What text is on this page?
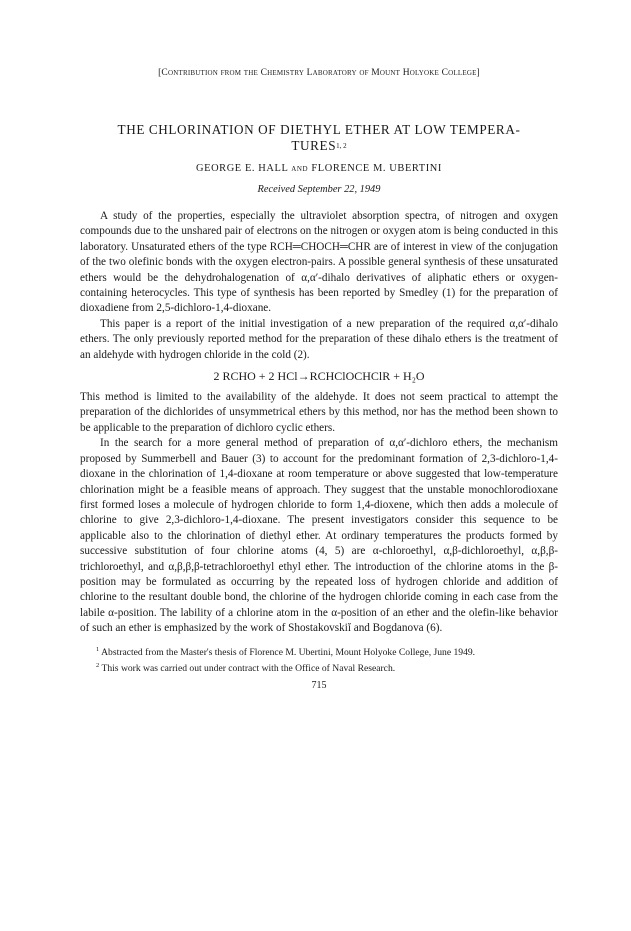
[Contribution from the Chemistry Laboratory of Mount Holyoke College]
THE CHLORINATION OF DIETHYL ETHER AT LOW TEMPERA-
TURES$^{1, 2}$
GEORGE E. HALL and FLORENCE M. UBERTINI
Received September 22, 1949

A study of the properties, especially the ultraviolet absorption spectra, of nitrogen and oxygen compounds due to the unshared pair of electrons on the nitrogen or oxygen atom is being conducted in this laboratory. Unsaturated ethers of the type RCH═CHOCH═CHR are of interest in view of the conjugation of the two olefinic bonds with the oxygen electron-pairs. A possible general synthesis of these unsaturated ethers would be the dehydrohalogenation of α,α′-dihalo derivatives of aliphatic ethers or oxygen-containing heterocycles. This type of synthesis has been reported by Smedley (1) for the preparation of dioxadiene from 2,5-dichloro-1,4-dioxane.

This paper is a report of the initial investigation of a new preparation of the required α,α′-dihalo ethers. The only previously reported method for the preparation of these dihalo ethers is the treatment of an aldehyde with hydrogen chloride in the cold (2).

2 RCHO + 2 HCl→RCHClOCHClR + H₂O

This method is limited to the availability of the aldehyde. It does not seem practical to attempt the preparation of the dichlorides of unsymmetrical ethers by this method, nor has the method been shown to be applicable to the preparation of dichloro cyclic ethers.

In the search for a more general method of preparation of α,α′-dichloro ethers, the mechanism proposed by Summerbell and Bauer (3) to account for the predominant formation of 2,3-dichloro-1,4-dioxane in the chlorination of 1,4-dioxane at room temperature or above suggested that low-temperature chlorination might be a feasible means of approach. They suggest that the unstable monochlorodioxane first formed loses a molecule of hydrogen chloride to form 1,4-dioxene, which then adds a molecule of chlorine to give 2,3-dichloro-1,4-dioxane. The present investigators consider this sequence to be applicable also to the chlorination of diethyl ether. At ordinary temperatures the products formed by successive substitution of four chlorine atoms (4, 5) are α-chloroethyl, α,β-dichloroethyl, α,β,β-trichloroethyl, and α,β,β,β-tetrachloroethyl ethyl ether. The introduction of the chlorine atoms in the β-position may be formulated as occurring by the repeated loss of hydrogen chloride and addition of chlorine to the resultant double bond, the chlorine of the hydrogen chloride coming in each case from the labile α-position. The lability of a chlorine atom in the α-position of an ether and the olefin-like behavior of such an ether is emphasized by the work of Shostakovskiĭ and Bogdanova (6).

$^1$ Abstracted from the Master's thesis of Florence M. Ubertini, Mount Holyoke College, June 1949.

$^2$ This work was carried out under contract with the Office of Naval Research.

715
